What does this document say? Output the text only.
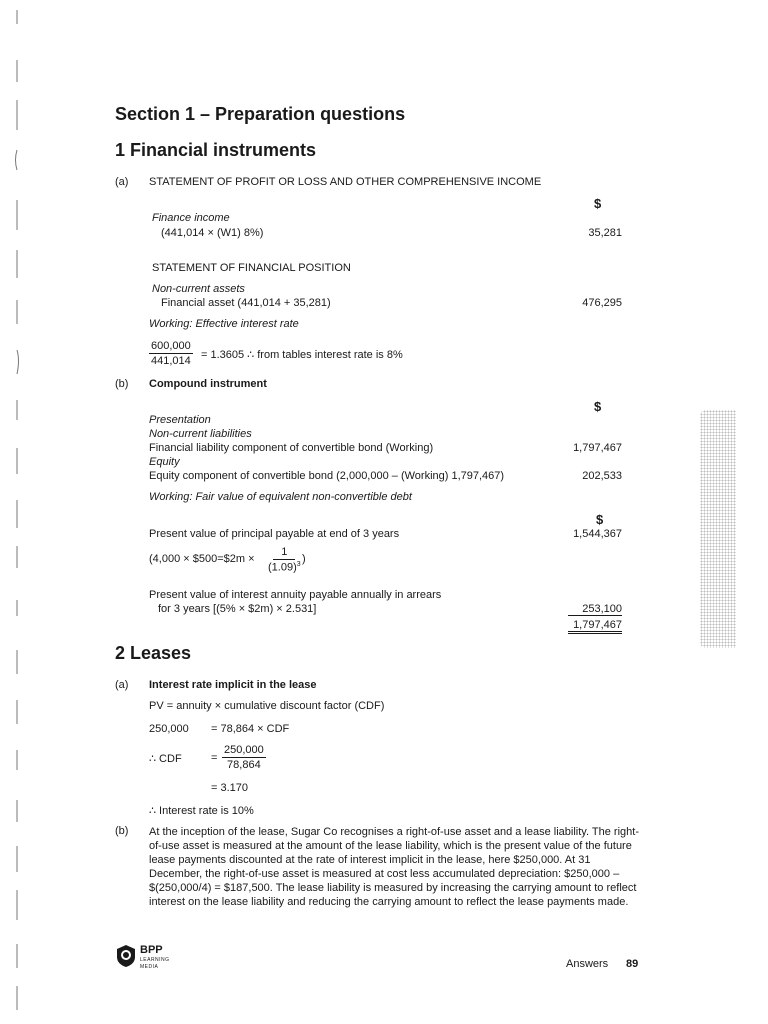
Section 1 – Preparation questions
1 Financial instruments
(a) STATEMENT OF PROFIT OR LOSS AND OTHER COMPREHENSIVE INCOME
$
Finance income
(441,014 × (W1) 8%)	35,281
STATEMENT OF FINANCIAL POSITION
Non-current assets
Financial asset (441,014 + 35,281)	476,295
Working: Effective interest rate
$\frac{600,000}{441,014} = 1.3605$ ∴ from tables interest rate is 8%
(b) Compound instrument
$
Presentation
Non-current liabilities
Financial liability component of convertible bond (Working)	1,797,467
Equity
Equity component of convertible bond (2,000,000 – (Working) 1,797,467)	202,533
Working: Fair value of equivalent non-convertible debt
$
Present value of principal payable at end of 3 years	1,544,367
(4,000 × $500=$2m × $\frac{1}{(1.09)^3}$ )
Present value of interest annuity payable annually in arrears
for 3 years [(5% × $2m) × 2.531]	253,100
1,797,467
2 Leases
(a) Interest rate implicit in the lease
PV = annuity × cumulative discount factor (CDF)
250,000 = 78,864 × CDF
∴ CDF	= $\frac{250,000}{78,864}$
= 3.170
∴ Interest rate is 10%
(b) At the inception of the lease, Sugar Co recognises a right-of-use asset and a lease liability. The right-of-use asset is measured at the amount of the lease liability, which is the present value of the future lease payments discounted at the rate of interest implicit in the lease, here $250,000. At 31 December, the right-of-use asset is measured at cost less accumulated depreciation: $250,000 – $(250,000/4) = $187,500. The lease liability is measured by increasing the carrying amount to reflect interest on the lease liability and reducing the carrying amount to reflect the lease payments made.
BPP
LEARNING
MEDIA	Answers 89
